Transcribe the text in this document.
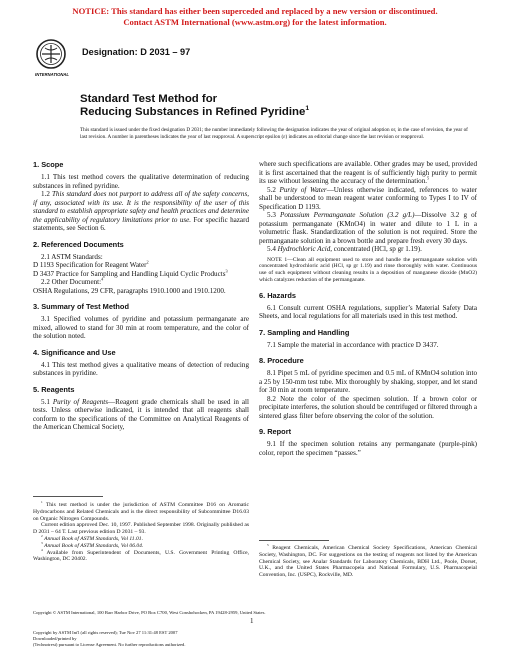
NOTICE: This standard has either been superceded and replaced by a new version or discontinued.
Contact ASTM International (www.astm.org) for the latest information.
INTERNATIONAL
Designation: D 2031 – 97
Standard Test Method for
Reducing Substances in Refined Pyridine$^1$
This standard is issued under the fixed designation D 2031; the number immediately following the designation indicates the year of original adoption or, in the case of revision, the year of last revision. A number in parentheses indicates the year of last reapproval. A superscript epsilon (ε) indicates an editorial change since the last revision or reapproval.

1. Scope

1.1 This test method covers the qualitative determination of reducing substances in refined pyridine.

1.2 This standard does not purport to address all of the safety concerns, if any, associated with its use. It is the responsibility of the user of this standard to establish appropriate safety and health practices and determine the applicability of regulatory limitations prior to use. For specific hazard statements, see Section 6.

2. Referenced Documents

2.1 ASTM Standards:

D 1193 Specification for Reagent Water$^2$

D 3437 Practice for Sampling and Handling Liquid Cyclic Products$^3$

2.2 Other Document:$^4$

OSHA Regulations, 29 CFR, paragraphs 1910.1000 and 1910.1200.

3. Summary of Test Method

3.1 Specified volumes of pyridine and potassium permanganate are mixed, allowed to stand for 30 min at room temperature, and the color of the solution noted.

4. Significance and Use

4.1 This test method gives a qualitative means of detection of reducing substances in pyridine.

5. Reagents

5.1 Purity of Reagents—Reagent grade chemicals shall be used in all tests. Unless otherwise indicated, it is intended that all reagents shall conform to the specifications of the Committee on Analytical Reagents of the American Chemical Society,

$^1$ This test method is under the jurisdiction of ASTM Committee D16 on Aromatic Hydrocarbons and Related Chemicals and is the direct responsibility of Subcommittee D16.03 on Organic Nitrogen Compounds.

Current edition approved Dec. 10, 1997. Published September 1998. Originally published as D 2031 – 64 T. Last previous edition D 2031 – 93.

$^2$ Annual Book of ASTM Standards, Vol 11.01.

$^3$ Annual Book of ASTM Standards, Vol 06.04.

$^4$ Available from Superintendent of Documents, U.S. Government Printing Office, Washington, DC 20402.

where such specifications are available. Other grades may be used, provided it is first ascertained that the reagent is of sufficiently high purity to permit its use without lessening the accuracy of the determination.$^5$

5.2 Purity of Water—Unless otherwise indicated, references to water shall be understood to mean reagent water conforming to Types I to IV of Specification D 1193.

5.3 Potassium Permanganate Solution (3.2 g/L)—Dissolve 3.2 g of potassium permanganate (KMnO4) in water and dilute to 1 L in a volumetric flask. Standardization of the solution is not required. Store the permanganate solution in a brown bottle and prepare fresh every 30 days.

5.4 Hydrochloric Acid, concentrated (HCl, sp gr 1.19).

NOTE 1—Clean all equipment used to store and handle the permanganate solution with concentrated hydrochloric acid (HCl, sp gr 1.19) and rinse thoroughly with water. Continuous use of such equipment without cleaning results in a deposition of manganese dioxide (MnO2) which catalyzes reduction of the permanganate.

6. Hazards

6.1 Consult current OSHA regulations, supplier’s Material Safety Data Sheets, and local regulations for all materials used in this test method.

7. Sampling and Handling

7.1 Sample the material in accordance with practice D 3437.

8. Procedure

8.1 Pipet 5 mL of pyridine specimen and 0.5 mL of KMnO4 solution into a 25 by 150-mm test tube. Mix thoroughly by shaking, stopper, and let stand for 30 min at room temperature.

8.2 Note the color of the specimen solution. If a brown color or precipitate interferes, the solution should be centrifuged or filtered through a sintered glass filter before observing the color of the solution.

9. Report

9.1 If the specimen solution retains any permanganate (purple-pink) color, report the specimen “passes.”

$^5$ Reagent Chemicals, American Chemical Society Specifications, American Chemical Society, Washington, DC. For suggestions on the testing of reagents not listed by the American Chemical Society, see Analar Standards for Laboratory Chemicals, BDH Ltd., Poole, Dorset, U.K., and the United States Pharmacopeia and National Formulary, U.S. Pharmacopeial Convention, Inc. (USPC), Rockville, MD.

Copyright © ASTM International, 100 Barr Harbor Drive, PO Box C700, West Conshohocken, PA 19428-2959, United States.
Copyright by ASTM Int'l (all rights reserved); Tue Nov 27 11:31:48 EST 2007
Downloaded/printed by
(Technotrest) pursuant to License Agreement. No further reproductions authorized.
1
